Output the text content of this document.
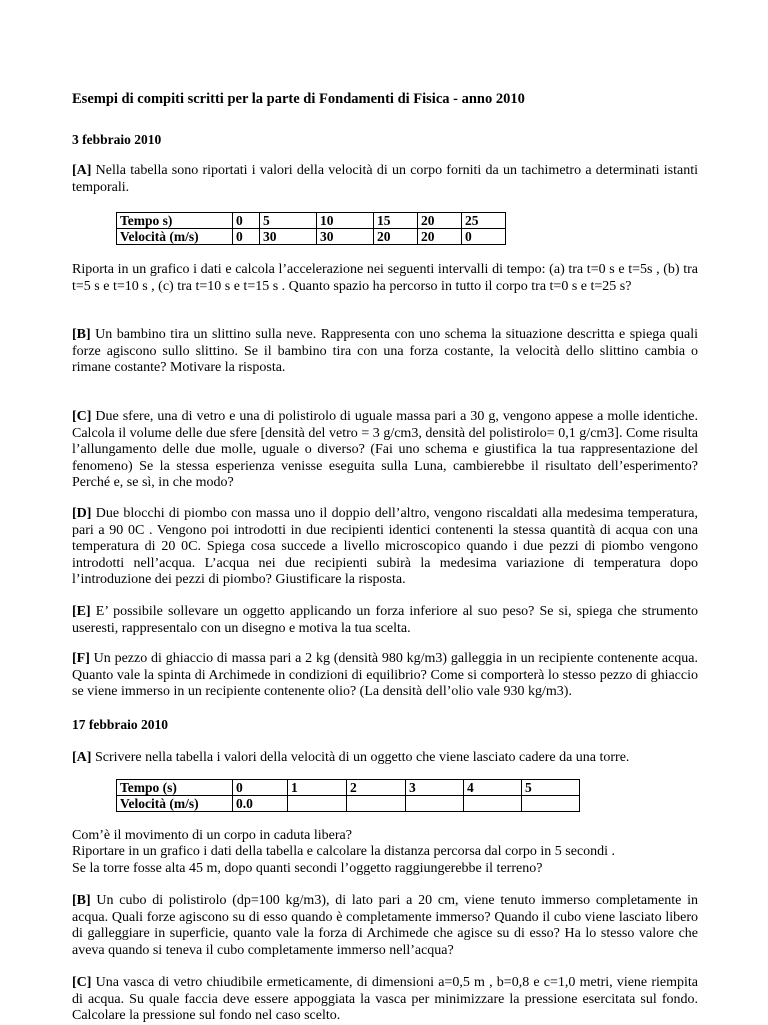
Esempi di compiti scritti per la parte di Fondamenti di Fisica - anno 2010
3 febbraio 2010

[A] Nella tabella sono riportati i valori della velocità di un corpo forniti da un tachimetro a determinati istanti temporali.

Tempo s)	0	5	10	15	20	25
Velocità (m/s)	0	30	30	20	20	0

Riporta in un grafico i dati e calcola l’accelerazione nei seguenti intervalli di tempo: (a) tra t=0 s e t=5s , (b) tra t=5 s e t=10 s , (c) tra t=10 s e t=15 s . Quanto spazio ha percorso in tutto il corpo tra t=0 s e t=25 s?

[B] Un bambino tira un slittino sulla neve. Rappresenta con uno schema la situazione descritta e spiega quali forze agiscono sullo slittino. Se il bambino tira con una forza costante, la velocità dello slittino cambia o rimane costante? Motivare la risposta.

[C] Due sfere, una di vetro e una di polistirolo di uguale massa pari a 30 g, vengono appese a molle identiche. Calcola il volume delle due sfere [densità del vetro = 3 g/cm3, densità del polistirolo= 0,1 g/cm3]. Come risulta l’allungamento delle due molle, uguale o diverso? (Fai uno schema e giustifica la tua rappresentazione del fenomeno) Se la stessa esperienza venisse eseguita sulla Luna, cambierebbe il risultato dell’esperimento? Perché e, se sì, in che modo?

[D] Due blocchi di piombo con massa uno il doppio dell’altro, vengono riscaldati alla medesima temperatura, pari a 90 0C . Vengono poi introdotti in due recipienti identici contenenti la stessa quantità di acqua con una temperatura di 20 0C. Spiega cosa succede a livello microscopico quando i due pezzi di piombo vengono introdotti nell’acqua. L’acqua nei due recipienti subirà la medesima variazione di temperatura dopo l’introduzione dei pezzi di piombo? Giustificare la risposta.

[E] E’ possibile sollevare un oggetto applicando un forza inferiore al suo peso? Se si, spiega che strumento useresti, rappresentalo con un disegno e motiva la tua scelta.

[F] Un pezzo di ghiaccio di massa pari a 2 kg (densità 980 kg/m3) galleggia in un recipiente contenente acqua. Quanto vale la spinta di Archimede in condizioni di equilibrio? Come si comporterà lo stesso pezzo di ghiaccio se viene immerso in un recipiente contenente olio? (La densità dell’olio vale 930 kg/m3).

17 febbraio 2010

[A] Scrivere nella tabella i valori della velocità di un oggetto che viene lasciato cadere da una torre.

Tempo (s)	0	1	2	3	4	5
Velocità (m/s)	0.0					

Com’è il movimento di un corpo in caduta libera?

Riportare in un grafico i dati della tabella e calcolare la distanza percorsa dal corpo in 5 secondi .

Se la torre fosse alta 45 m, dopo quanti secondi l’oggetto raggiungerebbe il terreno?

[B] Un cubo di polistirolo (dp=100 kg/m3), di lato pari a 20 cm, viene tenuto immerso completamente in acqua. Quali forze agiscono su di esso quando è completamente immerso? Quando il cubo viene lasciato libero di galleggiare in superficie, quanto vale la forza di Archimede che agisce su di esso? Ha lo stesso valore che aveva quando si teneva il cubo completamente immerso nell’acqua?

[C] Una vasca di vetro chiudibile ermeticamente, di dimensioni a=0,5 m , b=0,8 e c=1,0 metri, viene riempita di acqua. Su quale faccia deve essere appoggiata la vasca per minimizzare la pressione esercitata sul fondo. Calcolare la pressione sul fondo nel caso scelto.
